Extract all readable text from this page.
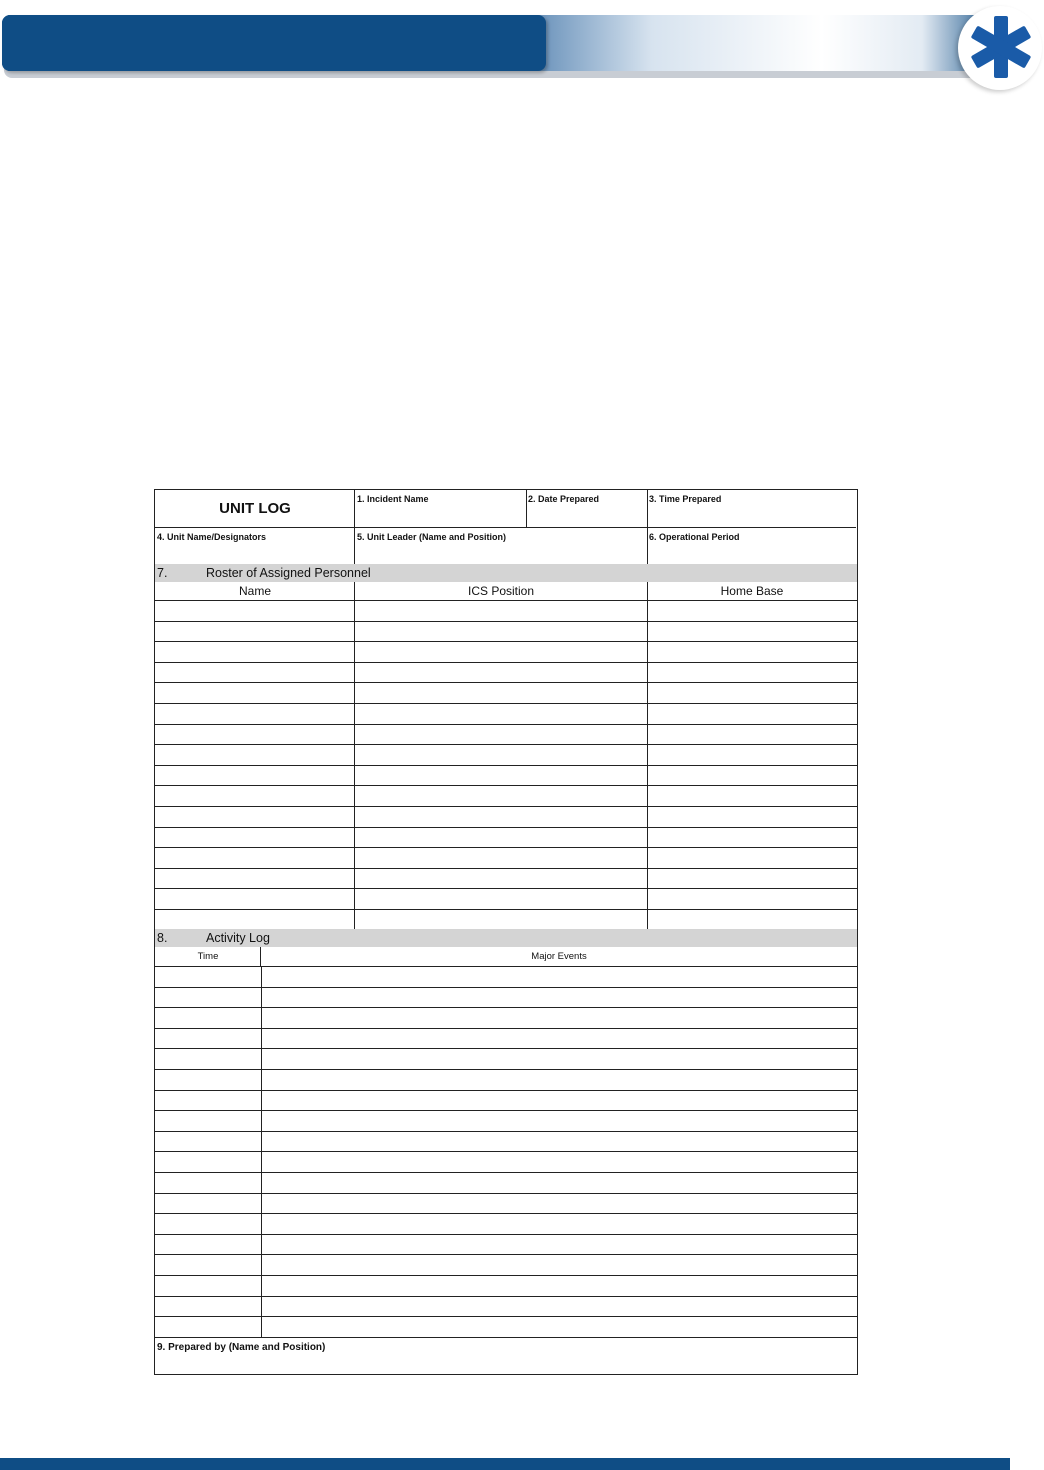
UNIT LOG
1. Incident Name	2. Date Prepared	3. Time Prepared
4. Unit Name/Designators	5. Unit Leader (Name and Position)	6. Operational Period
7.	Roster of Assigned Personnel
Name	ICS Position	Home Base

8.	Activity Log
Time	Major Events

9. Prepared by (Name and Position)
